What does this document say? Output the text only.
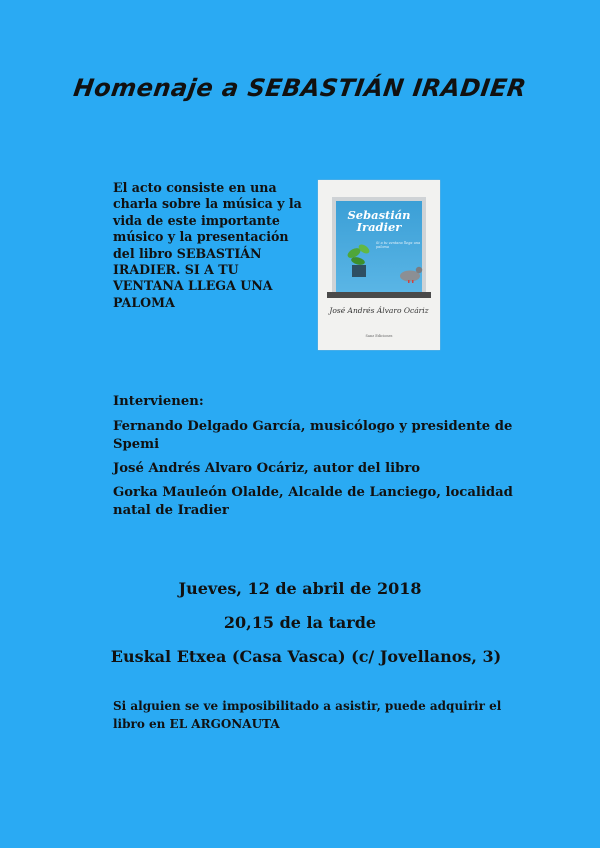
Homenaje a SEBASTIÁN IRADIER
El acto consiste en una charla sobre la música y la vida de este importante músico y la presentación del libro SEBASTIÁN IRADIER. SI A TU VENTANA LLEGA UNA PALOMA
Sebastián
Iradier
Si a tu ventana llega una paloma
José Andrés Álvaro Ocáriz
Sanz Ediciones
Intervienen:
Fernando Delgado García, musicólogo y presidente de Spemi
José Andrés Alvaro Ocáriz, autor del libro
Gorka Mauleón Olalde, Alcalde de Lanciego, localidad natal de Iradier
Jueves, 12 de abril de 2018
20,15 de la tarde
Euskal Etxea (Casa Vasca) (c/ Jovellanos, 3)
Si alguien se ve imposibilitado a asistir, puede adquirir el libro en EL ARGONAUTA
